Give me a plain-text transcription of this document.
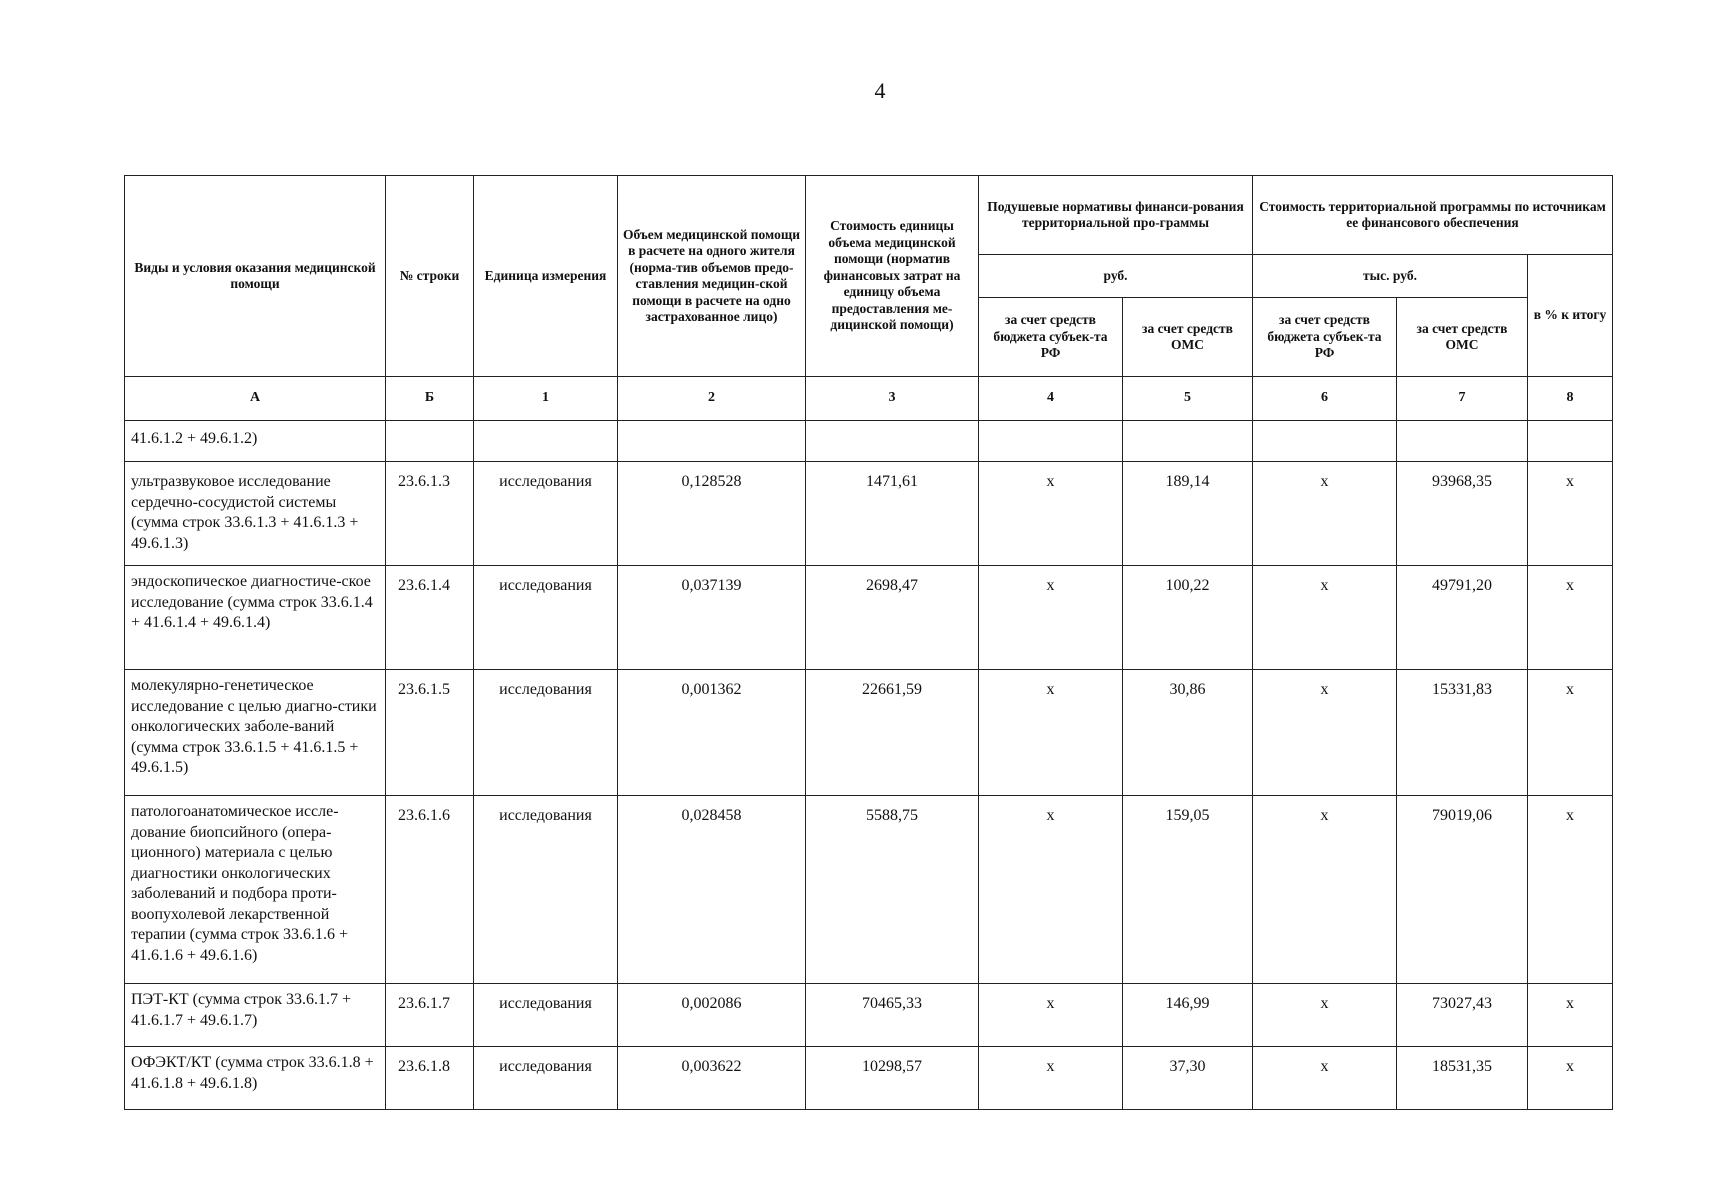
4
Виды и условия оказания медицинской помощи	№ строки	Единица измерения	Объем медицинской помощи в расчете на одного жителя (норма-тив объемов предо-ставления медицин-ской помощи в расчете на одно застрахованное лицо)	Стоимость единицы объема медицинской помощи (норматив финансовых затрат на единицу объема предоставления ме-дицинской помощи)	Подушевые нормативы финанси-рования территориальной про-граммы		Стоимость территориальной программы по источникам ее финансового обеспечения		
					руб.		тыс. руб.		в % к итогу
					за счет средств бюджета субъек-та РФ	за счет средств ОМС	за счет средств бюджета субъек-та РФ	за счет средств ОМС	
А	Б	1	2	3	4	5	6	7	8
41.6.1.2 + 49.6.1.2)									
ультразвуковое исследование сердечно-сосудистой системы (сумма строк 33.6.1.3 + 41.6.1.3 + 49.6.1.3)	23.6.1.3	исследования	0,128528	1471,61	х	189,14	х	93968,35	х
эндоскопическое диагностиче-ское исследование (сумма строк 33.6.1.4 + 41.6.1.4 + 49.6.1.4)	23.6.1.4	исследования	0,037139	2698,47	х	100,22	х	49791,20	х
молекулярно-генетическое исследование с целью диагно-стики онкологических заболе-ваний (сумма строк 33.6.1.5 + 41.6.1.5 + 49.6.1.5)	23.6.1.5	исследования	0,001362	22661,59	х	30,86	х	15331,83	х
патологоанатомическое иссле-дование биопсийного (опера-ционного) материала с целью диагностики онкологических заболеваний и подбора проти-воопухолевой лекарственной терапии (сумма строк 33.6.1.6 + 41.6.1.6 + 49.6.1.6)	23.6.1.6	исследования	0,028458	5588,75	х	159,05	х	79019,06	х
ПЭТ-КТ (сумма строк 33.6.1.7 + 41.6.1.7 + 49.6.1.7)	23.6.1.7	исследования	0,002086	70465,33	х	146,99	х	73027,43	х
ОФЭКТ/КТ (сумма строк 33.6.1.8 + 41.6.1.8 + 49.6.1.8)	23.6.1.8	исследования	0,003622	10298,57	х	37,30	х	18531,35	х
